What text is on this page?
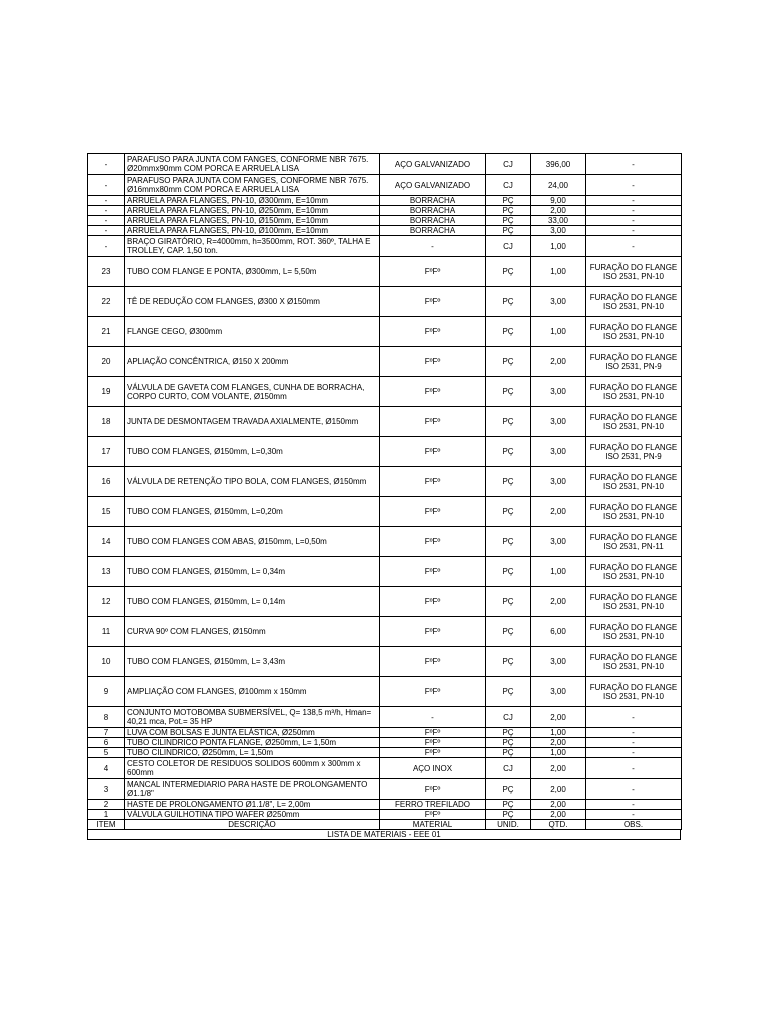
-	PARAFUSO PARA JUNTA COM FANGES, CONFORME NBR 7675. Ø20mmx90mm COM PORCA E ARRUELA LISA	AÇO GALVANIZADO	CJ	396,00	-
-	PARAFUSO PARA JUNTA COM FANGES, CONFORME NBR 7675. Ø16mmx80mm COM PORCA E ARRUELA LISA	AÇO GALVANIZADO	CJ	24,00	-
-	ARRUELA PARA FLANGES, PN-10, Ø300mm, E=10mm	BORRACHA	PÇ	9,00	-
-	ARRUELA PARA FLANGES, PN-10, Ø250mm, E=10mm	BORRACHA	PÇ	2,00	-
-	ARRUELA PARA FLANGES, PN-10, Ø150mm, E=10mm	BORRACHA	PÇ	33,00	-
-	ARRUELA PARA FLANGES, PN-10, Ø100mm, E=10mm	BORRACHA	PÇ	3,00	-
-	BRAÇO GIRATÓRIO, R=4000mm, h=3500mm, ROT. 360º, TALHA E TROLLEY, CAP. 1,50 ton.	-	CJ	1,00	-
23	TUBO COM FLANGE E PONTA, Ø300mm, L= 5,50m	FºFº	PÇ	1,00	FURAÇÃO DO FLANGE ISO 2531, PN-10
22	TÊ DE REDUÇÃO COM FLANGES, Ø300 X Ø150mm	FºFº	PÇ	3,00	FURAÇÃO DO FLANGE ISO 2531, PN-10
21	FLANGE CEGO, Ø300mm	FºFº	PÇ	1,00	FURAÇÃO DO FLANGE ISO 2531, PN-10
20	APLIAÇÃO CONCÊNTRICA, Ø150 X 200mm	FºFº	PÇ	2,00	FURAÇÃO DO FLANGE ISO 2531, PN-9
19	VÁLVULA DE GAVETA COM FLANGES, CUNHA DE BORRACHA, CORPO CURTO, COM VOLANTE, Ø150mm	FºFº	PÇ	3,00	FURAÇÃO DO FLANGE ISO 2531, PN-10
18	JUNTA DE DESMONTAGEM TRAVADA AXIALMENTE, Ø150mm	FºFº	PÇ	3,00	FURAÇÃO DO FLANGE ISO 2531, PN-10
17	TUBO COM FLANGES, Ø150mm, L=0,30m	FºFº	PÇ	3,00	FURAÇÃO DO FLANGE ISO 2531, PN-9
16	VÁLVULA DE RETENÇÃO TIPO BOLA, COM FLANGES, Ø150mm	FºFº	PÇ	3,00	FURAÇÃO DO FLANGE ISO 2531, PN-10
15	TUBO COM FLANGES, Ø150mm, L=0,20m	FºFº	PÇ	2,00	FURAÇÃO DO FLANGE ISO 2531, PN-10
14	TUBO COM FLANGES COM ABAS, Ø150mm, L=0,50m	FºFº	PÇ	3,00	FURAÇÃO DO FLANGE ISO 2531, PN-11
13	TUBO COM FLANGES, Ø150mm, L= 0,34m	FºFº	PÇ	1,00	FURAÇÃO DO FLANGE ISO 2531, PN-10
12	TUBO COM FLANGES, Ø150mm, L= 0,14m	FºFº	PÇ	2,00	FURAÇÃO DO FLANGE ISO 2531, PN-10
11	CURVA 90º COM FLANGES, Ø150mm	FºFº	PÇ	6,00	FURAÇÃO DO FLANGE ISO 2531, PN-10
10	TUBO COM FLANGES, Ø150mm, L= 3,43m	FºFº	PÇ	3,00	FURAÇÃO DO FLANGE ISO 2531, PN-10
9	AMPLIAÇÃO COM FLANGES, Ø100mm x 150mm	FºFº	PÇ	3,00	FURAÇÃO DO FLANGE ISO 2531, PN-10
8	CONJUNTO MOTOBOMBA SUBMERSÍVEL, Q= 138,5 m³/h, Hman= 40,21 mca, Pot.= 35 HP	-	CJ	2,00	-
7	LUVA COM BOLSAS E JUNTA ELÁSTICA, Ø250mm	FºFº	PÇ	1,00	-
6	TUBO CILINDRICO PONTA FLANGE, Ø250mm, L= 1,50m	FºFº	PÇ	2,00	-
5	TUBO CILINDRICO, Ø250mm, L= 1,50m	FºFº	PÇ	1,00	-
4	CESTO COLETOR DE RESIDUOS SOLIDOS 600mm x 300mm x 600mm	AÇO INOX	CJ	2,00	-
3	MANCAL INTERMEDIARIO PARA HASTE DE PROLONGAMENTO Ø1.1/8"	FºFº	PÇ	2,00	-
2	HASTE DE PROLONGAMENTO Ø1.1/8", L= 2,00m	FERRO TREFILADO	PÇ	2,00	-
1	VÁLVULA GUILHOTINA TIPO WAFER Ø250mm	FºFº	PÇ	2,00	-
ITEM	DESCRIÇÃO	MATERIAL	UNID.	QTD.	OBS.
LISTA DE MATERIAIS - EEE 01
